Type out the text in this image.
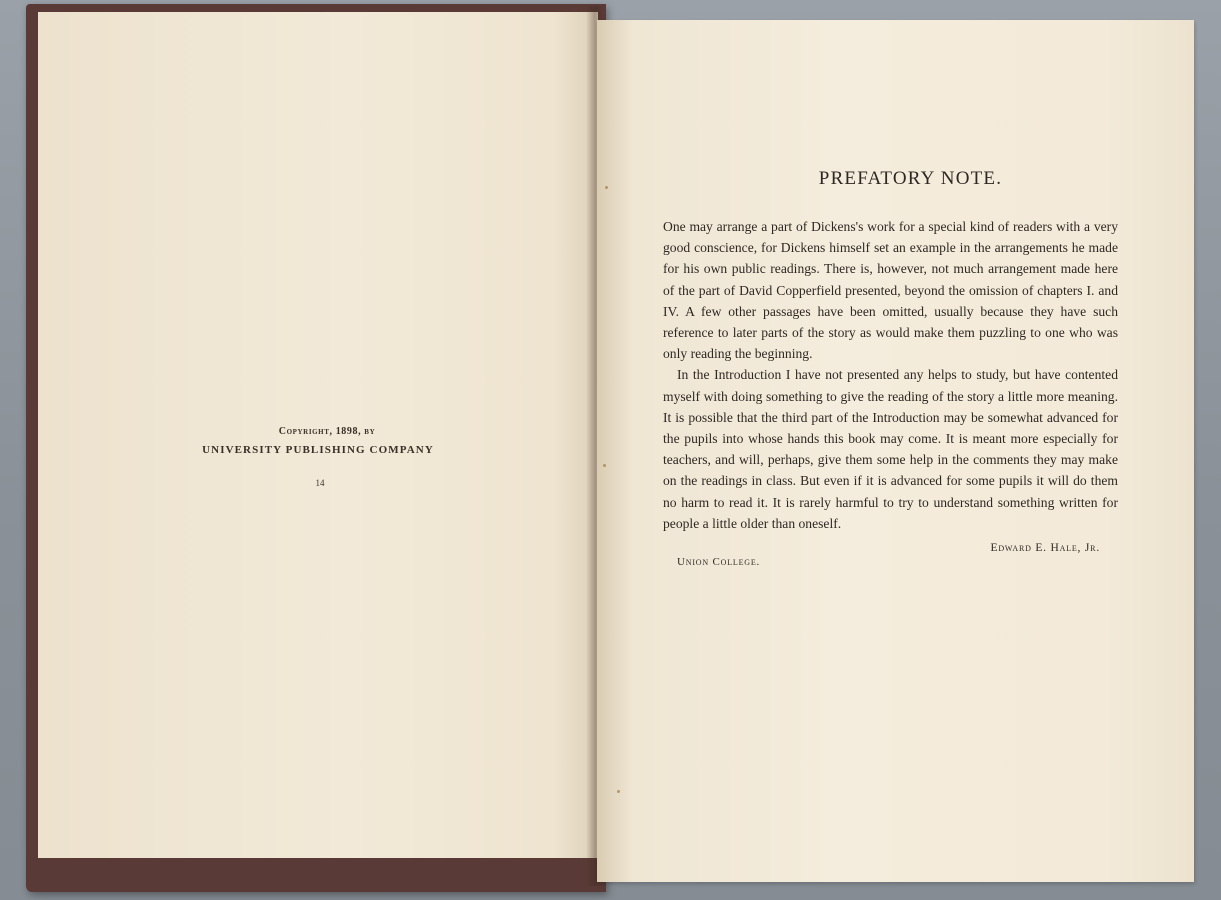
Copyright, 1898, by
UNIVERSITY PUBLISHING COMPANY
14
PREFATORY NOTE.

One may arrange a part of Dickens's work for a special kind of readers with a very good conscience, for Dickens himself set an example in the arrangements he made for his own public readings. There is, however, not much arrangement made here of the part of David Copperfield presented, beyond the omission of chapters I. and IV. A few other passages have been omitted, usually because they have such reference to later parts of the story as would make them puzzling to one who was only reading the beginning.

In the Introduction I have not presented any helps to study, but have contented myself with doing something to give the reading of the story a little more meaning. It is possible that the third part of the Introduction may be somewhat advanced for the pupils into whose hands this book may come. It is meant more especially for teachers, and will, perhaps, give them some help in the comments they may make on the readings in class. But even if it is advanced for some pupils it will do them no harm to read it. It is rarely harmful to try to understand something written for people a little older than oneself.

Edward E. Hale, Jr.
Union College.
